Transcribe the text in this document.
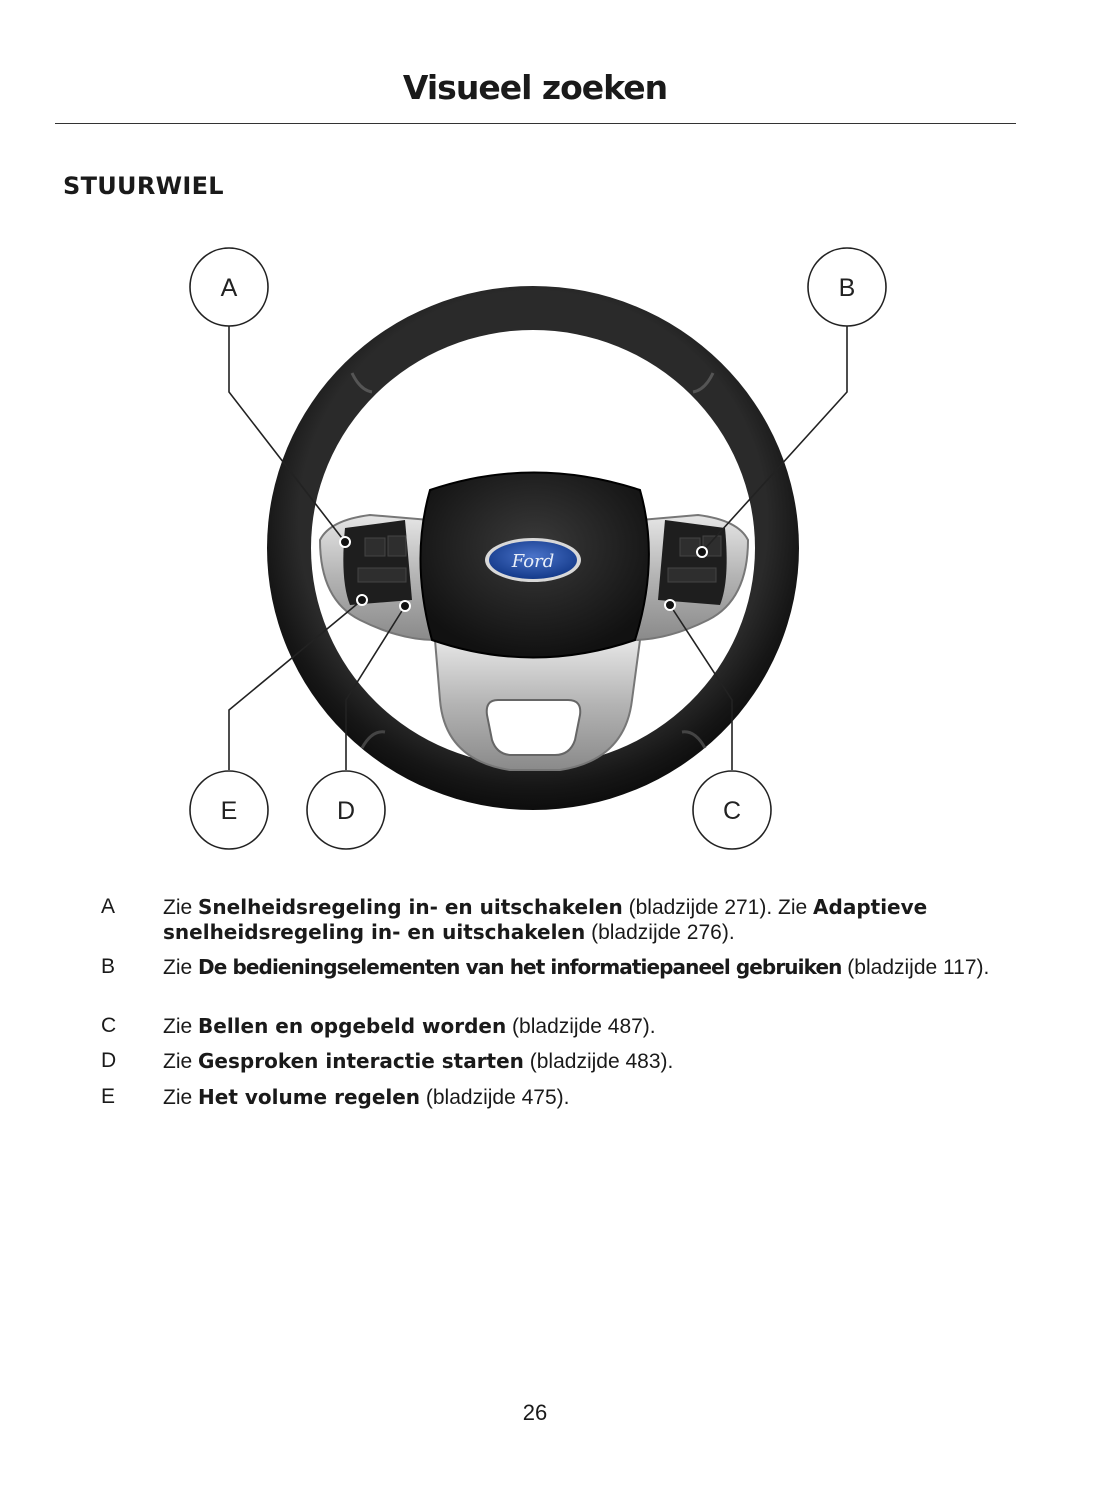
Visueel zoeken
STUURWIEL
Ford
A	B
C
D
E
A	Zie Snelheidsregeling in- en uitschakelen (bladzijde 271). Zie Adaptieve snelheidsregeling in- en uitschakelen (bladzijde 276).
B	Zie De bedieningselementen van het informatiepaneel gebruiken (bladzijde 117).
C	Zie Bellen en opgebeld worden (bladzijde 487).
D	Zie Gesproken interactie starten (bladzijde 483).
E	Zie Het volume regelen (bladzijde 475).
26
